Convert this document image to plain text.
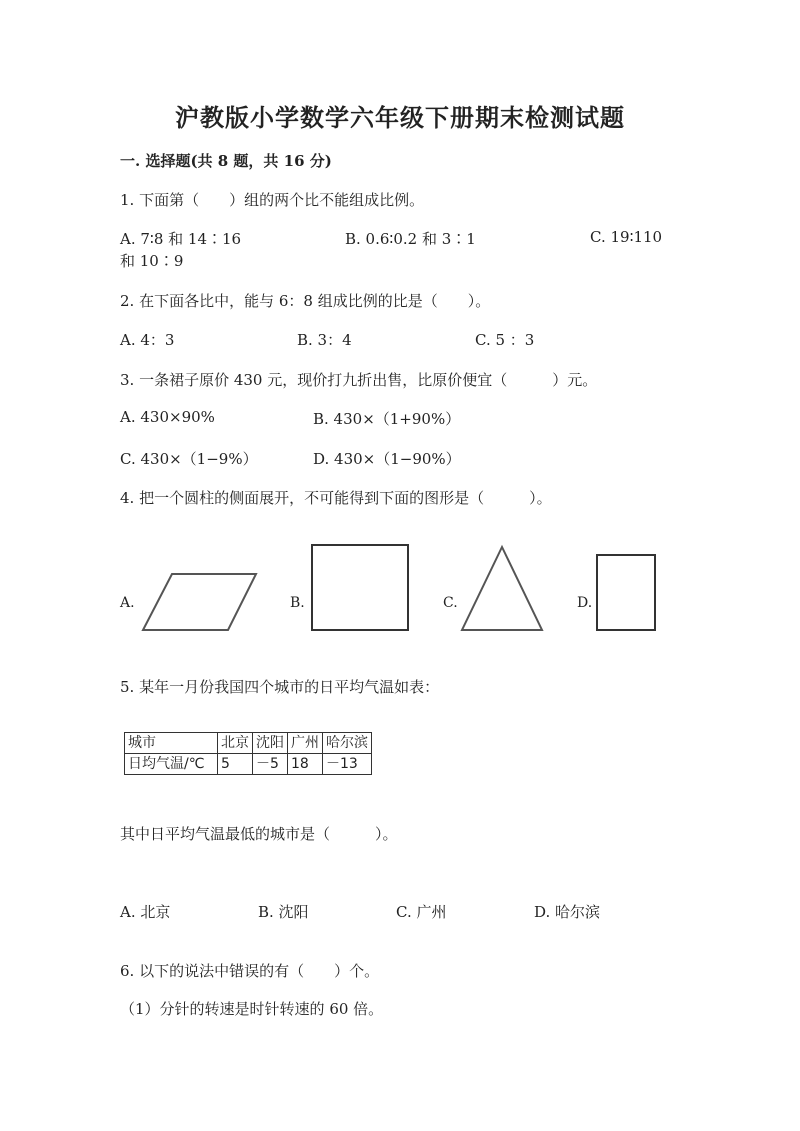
沪教版小学数学六年级下册期末检测试题
一. 选择题(共 8 题，共 16 分)
1. 下面第（　　）组的两个比不能组成比例。
A. 7∶8 和 14∶16	B. 0.6∶0.2 和 3∶1	C. 19∶110
和 10∶9
2. 在下面各比中，能与 6：8 组成比例的比是（　　）。
A. 4：3	B. 3：4	C. 5 ：3
3. 一条裙子原价 430 元，现价打九折出售，比原价便宜（　　　）元。
A. 430×90%	B. 430×（1+90%）
C. 430×（1−9%）	D. 430×（1−90%）
4. 把一个圆柱的侧面展开，不可能得到下面的图形是（　　　）。
A.	B.	C.	D.
5. 某年一月份我国四个城市的日平均气温如表：
城市	北京	沈阳	广州	哈尔滨
日均气温/℃	5	－5	18	－13
其中日平均气温最低的城市是（　　　）。
A. 北京	B. 沈阳	C. 广州	D. 哈尔滨
6. 以下的说法中错误的有（　　）个。
（1）分针的转速是时针转速的 60 倍。
